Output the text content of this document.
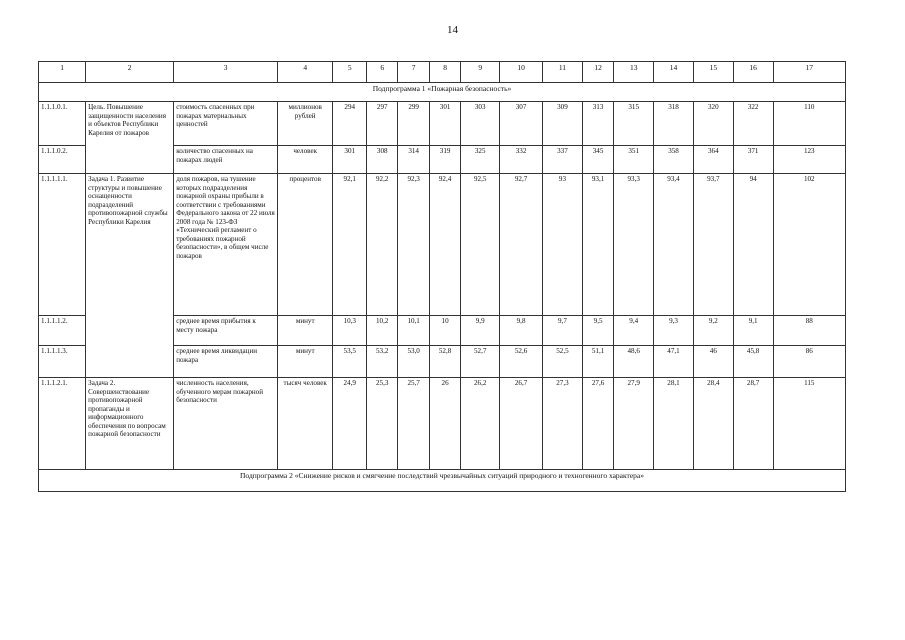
14
1	2	3	4	5	6	7	8	9	10	11	12	13	14	15	16	17
Подпрограмма 1 «Пожарная безопасность»																
1.1.1.0.1.	Цель. Повышение защищенности населения и объектов Республики Карелия от пожаров	стоимость спасенных при пожарах материальных ценностей	миллионов рублей	294	297	299	301	303	307	309	313	315	318	320	322	110
1.1.1.0.2.		количество спасенных на пожарах людей	человек	301	308	314	319	325	332	337	345	351	358	364	371	123
1.1.1.1.1.	Задача 1. Развитие структуры и повышение оснащенности подразделений противопожарной службы Республики Карелия	доля пожаров, на тушение которых подразделения пожарной охраны прибыли в соответствии с требованиями Федерального закона от 22 июля 2008 года № 123-ФЗ «Технический регламент о требованиях пожарной безопасности», в общем числе пожаров	процентов	92,1	92,2	92,3	92,4	92,5	92,7	93	93,1	93,3	93,4	93,7	94	102
1.1.1.1.2.		среднее время прибытия к месту пожара	минут	10,3	10,2	10,1	10	9,9	9,8	9,7	9,5	9,4	9,3	9,2	9,1	88
1.1.1.1.3.		среднее время ликвидации пожара	минут	53,5	53,2	53,0	52,8	52,7	52,6	52,5	51,1	48,6	47,1	46	45,8	86
1.1.1.2.1.	Задача 2. Совершенствование противопожарной пропаганды и информационного обеспечения по вопросам пожарной безопасности	численность населения, обученного мерам пожарной безопасности	тысяч человек	24,9	25,3	25,7	26	26,2	26,7	27,3	27,6	27,9	28,1	28,4	28,7	115
Подпрограмма 2 «Снижение рисков и смягчение последствий чрезвычайных ситуаций природного и техногенного характера»																
